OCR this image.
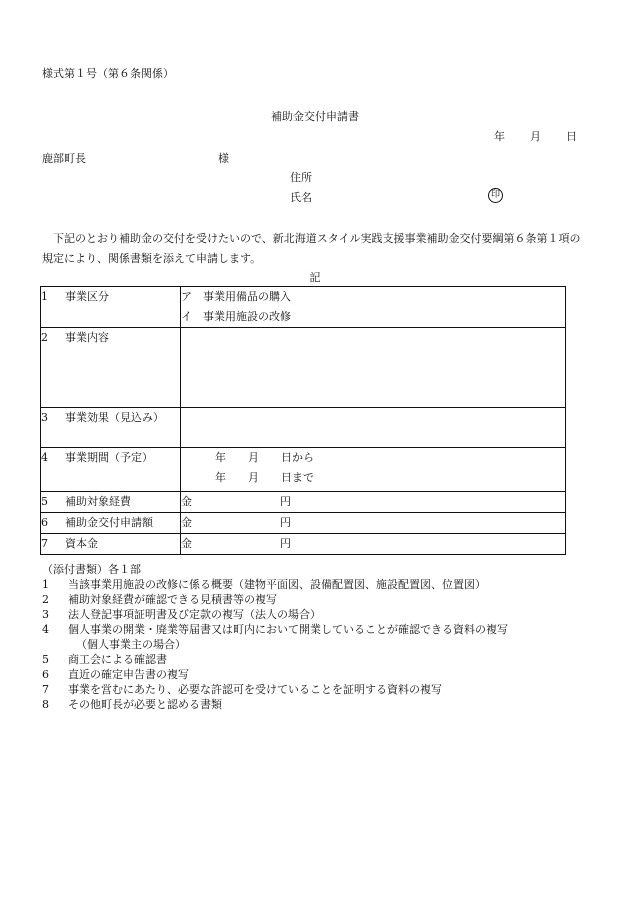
様式第１号（第６条関係）
補助金交付申請書
年 月 日
鹿部町長	様
住所
氏名	印
　下記のとおり補助金の交付を受けたいので、新北海道スタイル実践支援事業補助金交付要綱第６条第１項の規定により、関係書類を添えて申請します。
記
1 事業区分	ア　事業用備品の購入
イ　事業用施設の改修

2 事業内容	

3 事業効果（見込み）	

4 事業期間（予定）	年　　月　　日から
年　　月　　日まで

5 補助対象経費	金　　　　　　　　円

6 補助金交付申請額	金　　　　　　　　円

7 資本金	金　　　　　　　　円
（添付書類）各１部
1 当該事業用施設の改修に係る概要（建物平面図、設備配置図、施設配置図、位置図）
2 補助対象経費が確認できる見積書等の複写
3 法人登記事項証明書及び定款の複写（法人の場合）
4 個人事業の開業・廃業等届書又は町内において開業していることが確認できる資料の複写
（個人事業主の場合）
5 商工会による確認書
6 直近の確定申告書の複写
7 事業を営むにあたり、必要な許認可を受けていることを証明する資料の複写
8 その他町長が必要と認める書類
